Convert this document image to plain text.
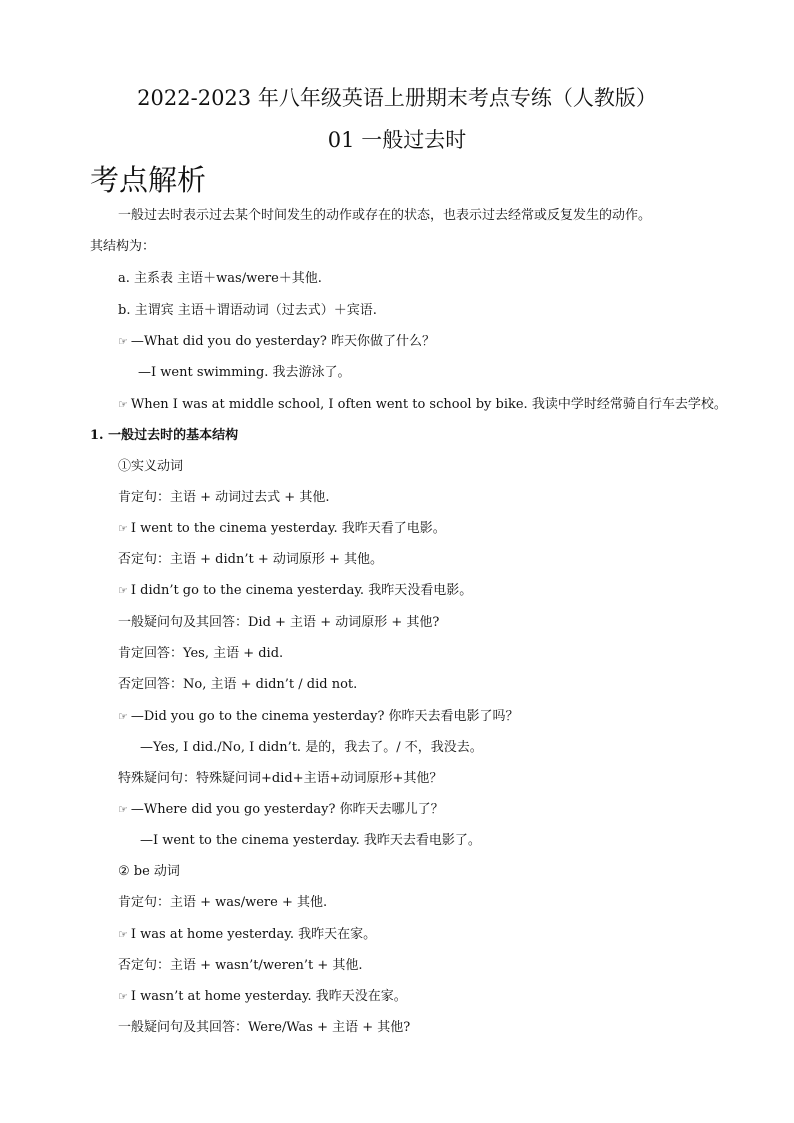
2022-2023 年八年级英语上册期末考点专练（人教版）
01 一般过去时
考点解析
一般过去时表示过去某个时间发生的动作或存在的状态，也表示过去经常或反复发生的动作。
其结构为：
a. 主系表 主语＋was/were＋其他.
b. 主谓宾 主语＋谓语动词（过去式）＋宾语.
☞ —What did you do yesterday? 昨天你做了什么？
—I went swimming. 我去游泳了。
☞ When I was at middle school, I often went to school by bike. 我读中学时经常骑自行车去学校。
1. 一般过去时的基本结构
①实义动词
肯定句：主语 + 动词过去式 + 其他.
☞ I went to the cinema yesterday. 我昨天看了电影。
否定句：主语 + didn’t + 动词原形 + 其他。
☞ I didn’t go to the cinema yesterday. 我昨天没看电影。
一般疑问句及其回答：Did + 主语 + 动词原形 + 其他?
肯定回答：Yes, 主语 + did.
否定回答：No, 主语 + didn’t / did not.
☞ —Did you go to the cinema yesterday? 你昨天去看电影了吗？
—Yes, I did./No, I didn’t. 是的，我去了。/ 不，我没去。
特殊疑问句：特殊疑问词+did+主语+动词原形+其他？
☞ —Where did you go yesterday? 你昨天去哪儿了？
—I went to the cinema yesterday. 我昨天去看电影了。
② be 动词
肯定句：主语 + was/were + 其他.
☞ I was at home yesterday. 我昨天在家。
否定句：主语 + wasn’t/weren’t + 其他.
☞ I wasn’t at home yesterday. 我昨天没在家。
一般疑问句及其回答：Were/Was + 主语 + 其他?
